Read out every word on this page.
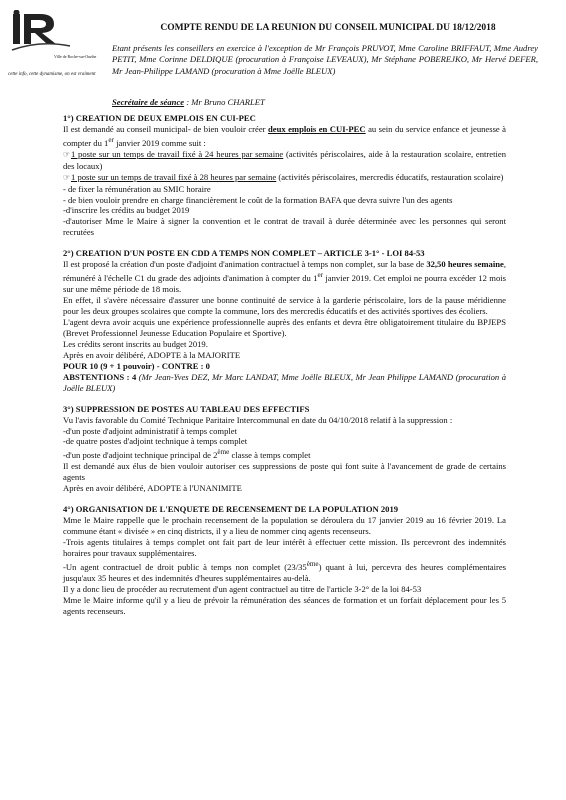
Ville de Roche-sur-Ourthe
cette info, cette dynamisme, on est vraiment
COMPTE RENDU DE LA REUNION DU CONSEIL MUNICIPAL DU 18/12/2018
Etant présents les conseillers en exercice à l'exception de Mr François PRUVOT, Mme Caroline BRIFFAUT, Mme Audrey PETIT, Mme Corinne DELDIQUE (procuration à Françoise LEVEAUX), Mr Stéphane POBEREJKO, Mr Hervé DEFER, Mr Jean-Philippe LAMAND (procuration à Mme Joëlle BLEUX)
Secrétaire de séance : Mr Bruno CHARLET

1°) CREATION DE DEUX EMPLOIS EN CUI-PEC

Il est demandé au conseil municipal- de bien vouloir créer deux emplois en CUI-PEC au sein du service enfance et jeunesse à compter du 1er janvier 2019 comme suit :

☞1 poste sur un temps de travail fixé à 24 heures par semaine (activités périscolaires, aide à la restauration scolaire, entretien des locaux)

☞1 poste sur un temps de travail fixé à 28 heures par semaine (activités périscolaires, mercredis éducatifs, restauration scolaire)

- de fixer la rémunération au SMIC horaire

- de bien vouloir prendre en charge financièrement le coût de la formation BAFA que devra suivre l'un des agents

-d'inscrire les crédits au budget 2019

-d'autoriser Mme le Maire à signer la convention et le contrat de travail à durée déterminée avec les personnes qui seront recrutées

2°) CREATION D'UN POSTE EN CDD A TEMPS NON COMPLET – ARTICLE 3-1° - LOI 84-53

Il est proposé la création d'un poste d'adjoint d'animation contractuel à temps non complet, sur la base de 32,50 heures semaine, rémunéré à l'échelle C1 du grade des adjoints d'animation à compter du 1er janvier 2019. Cet emploi ne pourra excéder 12 mois sur une même période de 18 mois.

En effet, il s'avère nécessaire d'assurer une bonne continuité de service à la garderie périscolaire, lors de la pause méridienne pour les deux groupes scolaires que compte la commune, lors des mercredis éducatifs et des activités sportives des écoliers.

L'agent devra avoir acquis une expérience professionnelle auprès des enfants et devra être obligatoirement titulaire du BPJEPS (Brevet Professionnel Jeunesse Education Populaire et Sportive).

Les crédits seront inscrits au budget 2019.

Après en avoir délibéré, ADOPTE à la MAJORITE

POUR 10 (9 + 1 pouvoir) - CONTRE : 0

ABSTENTIONS : 4 (Mr Jean-Yves DEZ, Mr Marc LANDAT, Mme Joëlle BLEUX, Mr Jean Philippe LAMAND (procuration à Joëlle BLEUX)

3°) SUPPRESSION DE POSTES AU TABLEAU DES EFFECTIFS

Vu l'avis favorable du Comité Technique Paritaire Intercommunal en date du 04/10/2018 relatif à la suppression :

-d'un poste d'adjoint administratif à temps complet

-de quatre postes d'adjoint technique à temps complet

-d'un poste d'adjoint technique principal de 2ème classe à temps complet

Il est demandé aux élus de bien vouloir autoriser ces suppressions de poste qui font suite à l'avancement de grade de certains agents

Après en avoir délibéré, ADOPTE à l'UNANIMITE

4°) ORGANISATION DE L'ENQUETE DE RECENSEMENT DE LA POPULATION 2019

Mme le Maire rappelle que le prochain recensement de la population se déroulera du 17 janvier 2019 au 16 février 2019. La commune étant « divisée » en cinq districts, il y a lieu de nommer cinq agents recenseurs.

-Trois agents titulaires à temps complet ont fait part de leur intérêt à effectuer cette mission. Ils percevront des indemnités horaires pour travaux supplémentaires.

-Un agent contractuel de droit public à temps non complet (23/35ème) quant à lui, percevra des heures complémentaires jusqu'aux 35 heures et des indemnités d'heures supplémentaires au-delà.

Il y a donc lieu de procéder au recrutement d'un agent contractuel au titre de l'article 3-2° de la loi 84-53

Mme le Maire informe qu'il y a lieu de prévoir la rémunération des séances de formation et un forfait déplacement pour les 5 agents recenseurs.
